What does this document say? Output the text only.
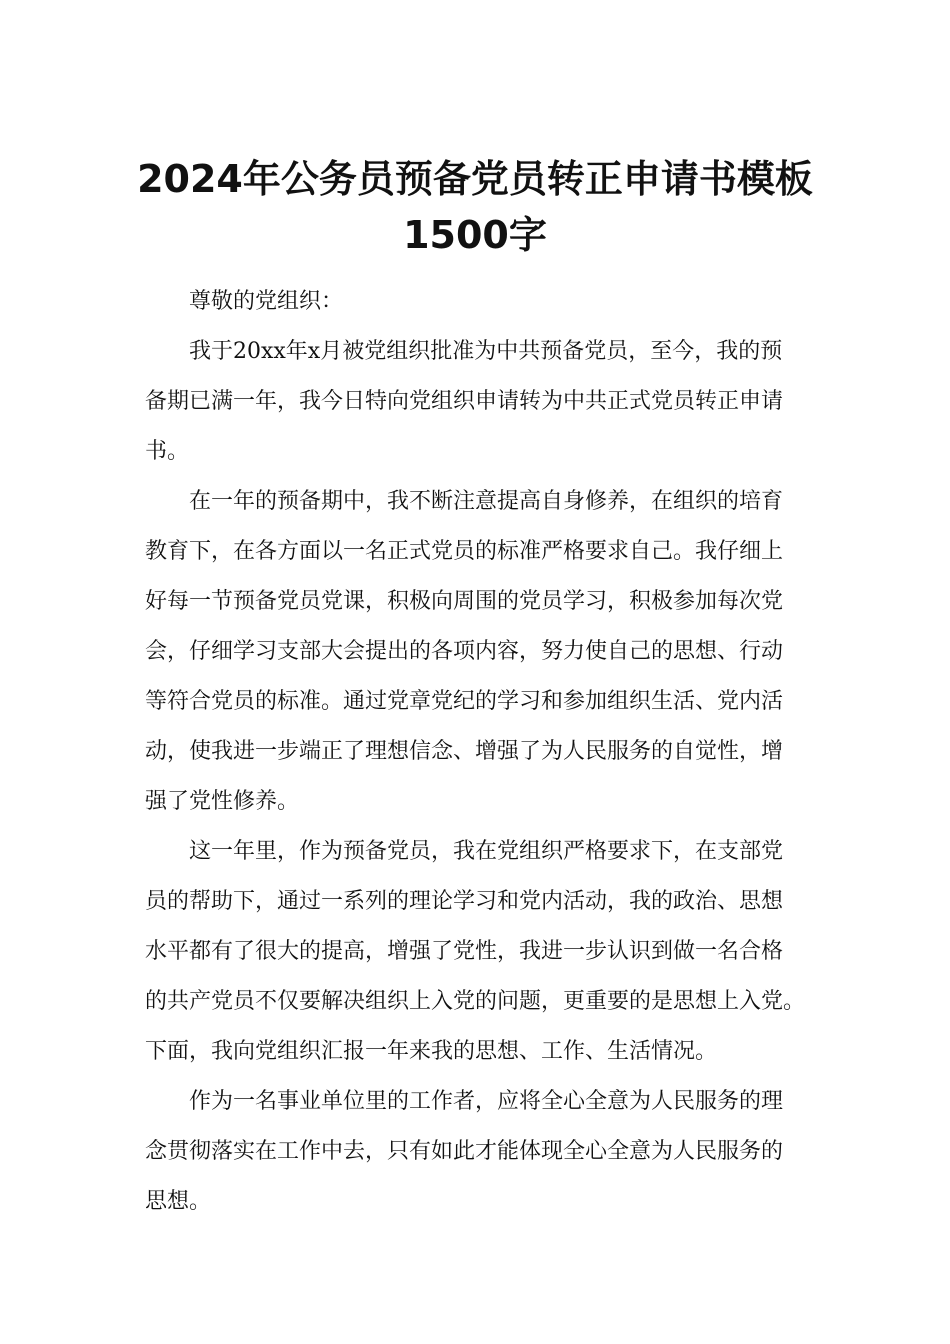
2024年公务员预备党员转正申请书模板
1500字

尊敬的党组织：

我于20xx年x月被党组织批准为中共预备党员，至今，我的预

备期已满一年，我今日特向党组织申请转为中共正式党员转正申请

书。

在一年的预备期中，我不断注意提高自身修养，在组织的培育

教育下，在各方面以一名正式党员的标准严格要求自己。我仔细上

好每一节预备党员党课，积极向周围的党员学习，积极参加每次党

会，仔细学习支部大会提出的各项内容，努力使自己的思想、行动

等符合党员的标准。通过党章党纪的学习和参加组织生活、党内活

动，使我进一步端正了理想信念、增强了为人民服务的自觉性，增

强了党性修养。

这一年里，作为预备党员，我在党组织严格要求下，在支部党

员的帮助下，通过一系列的理论学习和党内活动，我的政治、思想

水平都有了很大的提高，增强了党性，我进一步认识到做一名合格

的共产党员不仅要解决组织上入党的问题，更重要的是思想上入党。

下面，我向党组织汇报一年来我的思想、工作、生活情况。

作为一名事业单位里的工作者，应将全心全意为人民服务的理

念贯彻落实在工作中去，只有如此才能体现全心全意为人民服务的

思想。
